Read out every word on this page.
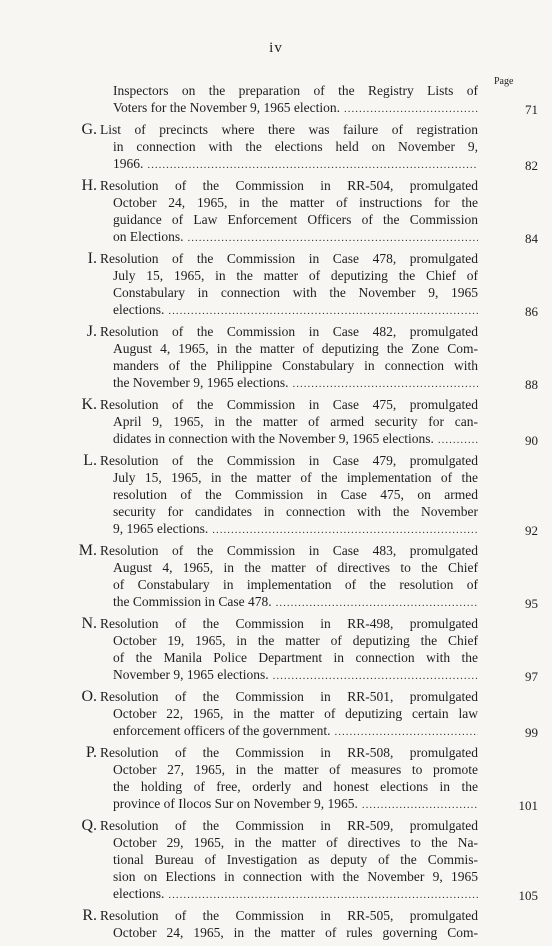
iv
Page
Inspectors on the preparation of the Registry Lists of
Voters for the November 9, 1965 election. .....	71
G. List of precincts where there was failure of registration
in connection with the elections held on November 9,
1966. .....	82
H. Resolution of the Commission in RR-504, promulgated
October 24, 1965, in the matter of instructions for the
guidance of Law Enforcement Officers of the Commission
on Elections. .....	84
I. Resolution of the Commission in Case 478, promulgated
July 15, 1965, in the matter of deputizing the Chief of
Constabulary in connection with the November 9, 1965
elections. .....	86
J. Resolution of the Commission in Case 482, promulgated
August 4, 1965, in the matter of deputizing the Zone Com-
manders of the Philippine Constabulary in connection with
the November 9, 1965 elections. .....	88
K. Resolution of the Commission in Case 475, promulgated
April 9, 1965, in the matter of armed security for can-
didates in connection with the November 9, 1965 elections. .....	90
L. Resolution of the Commission in Case 479, promulgated
July 15, 1965, in the matter of the implementation of the
resolution of the Commission in Case 475, on armed
security for candidates in connection with the November
9, 1965 elections. .....	92
M. Resolution of the Commission in Case 483, promulgated
August 4, 1965, in the matter of directives to the Chief
of Constabulary in implementation of the resolution of
the Commission in Case 478. .....	95
N. Resolution of the Commission in RR-498, promulgated
October 19, 1965, in the matter of deputizing the Chief
of the Manila Police Department in connection with the
November 9, 1965 elections. .....	97
O. Resolution of the Commission in RR-501, promulgated
October 22, 1965, in the matter of deputizing certain law
enforcement officers of the government. .....	99
P. Resolution of the Commission in RR-508, promulgated
October 27, 1965, in the matter of measures to promote
the holding of free, orderly and honest elections in the
province of Ilocos Sur on November 9, 1965. .....	101
Q. Resolution of the Commission in RR-509, promulgated
October 29, 1965, in the matter of directives to the Na-
tional Bureau of Investigation as deputy of the Commis-
sion on Elections in connection with the November 9, 1965
elections. .....	105
R. Resolution of the Commission in RR-505, promulgated
October 24, 1965, in the matter of rules governing Com-
